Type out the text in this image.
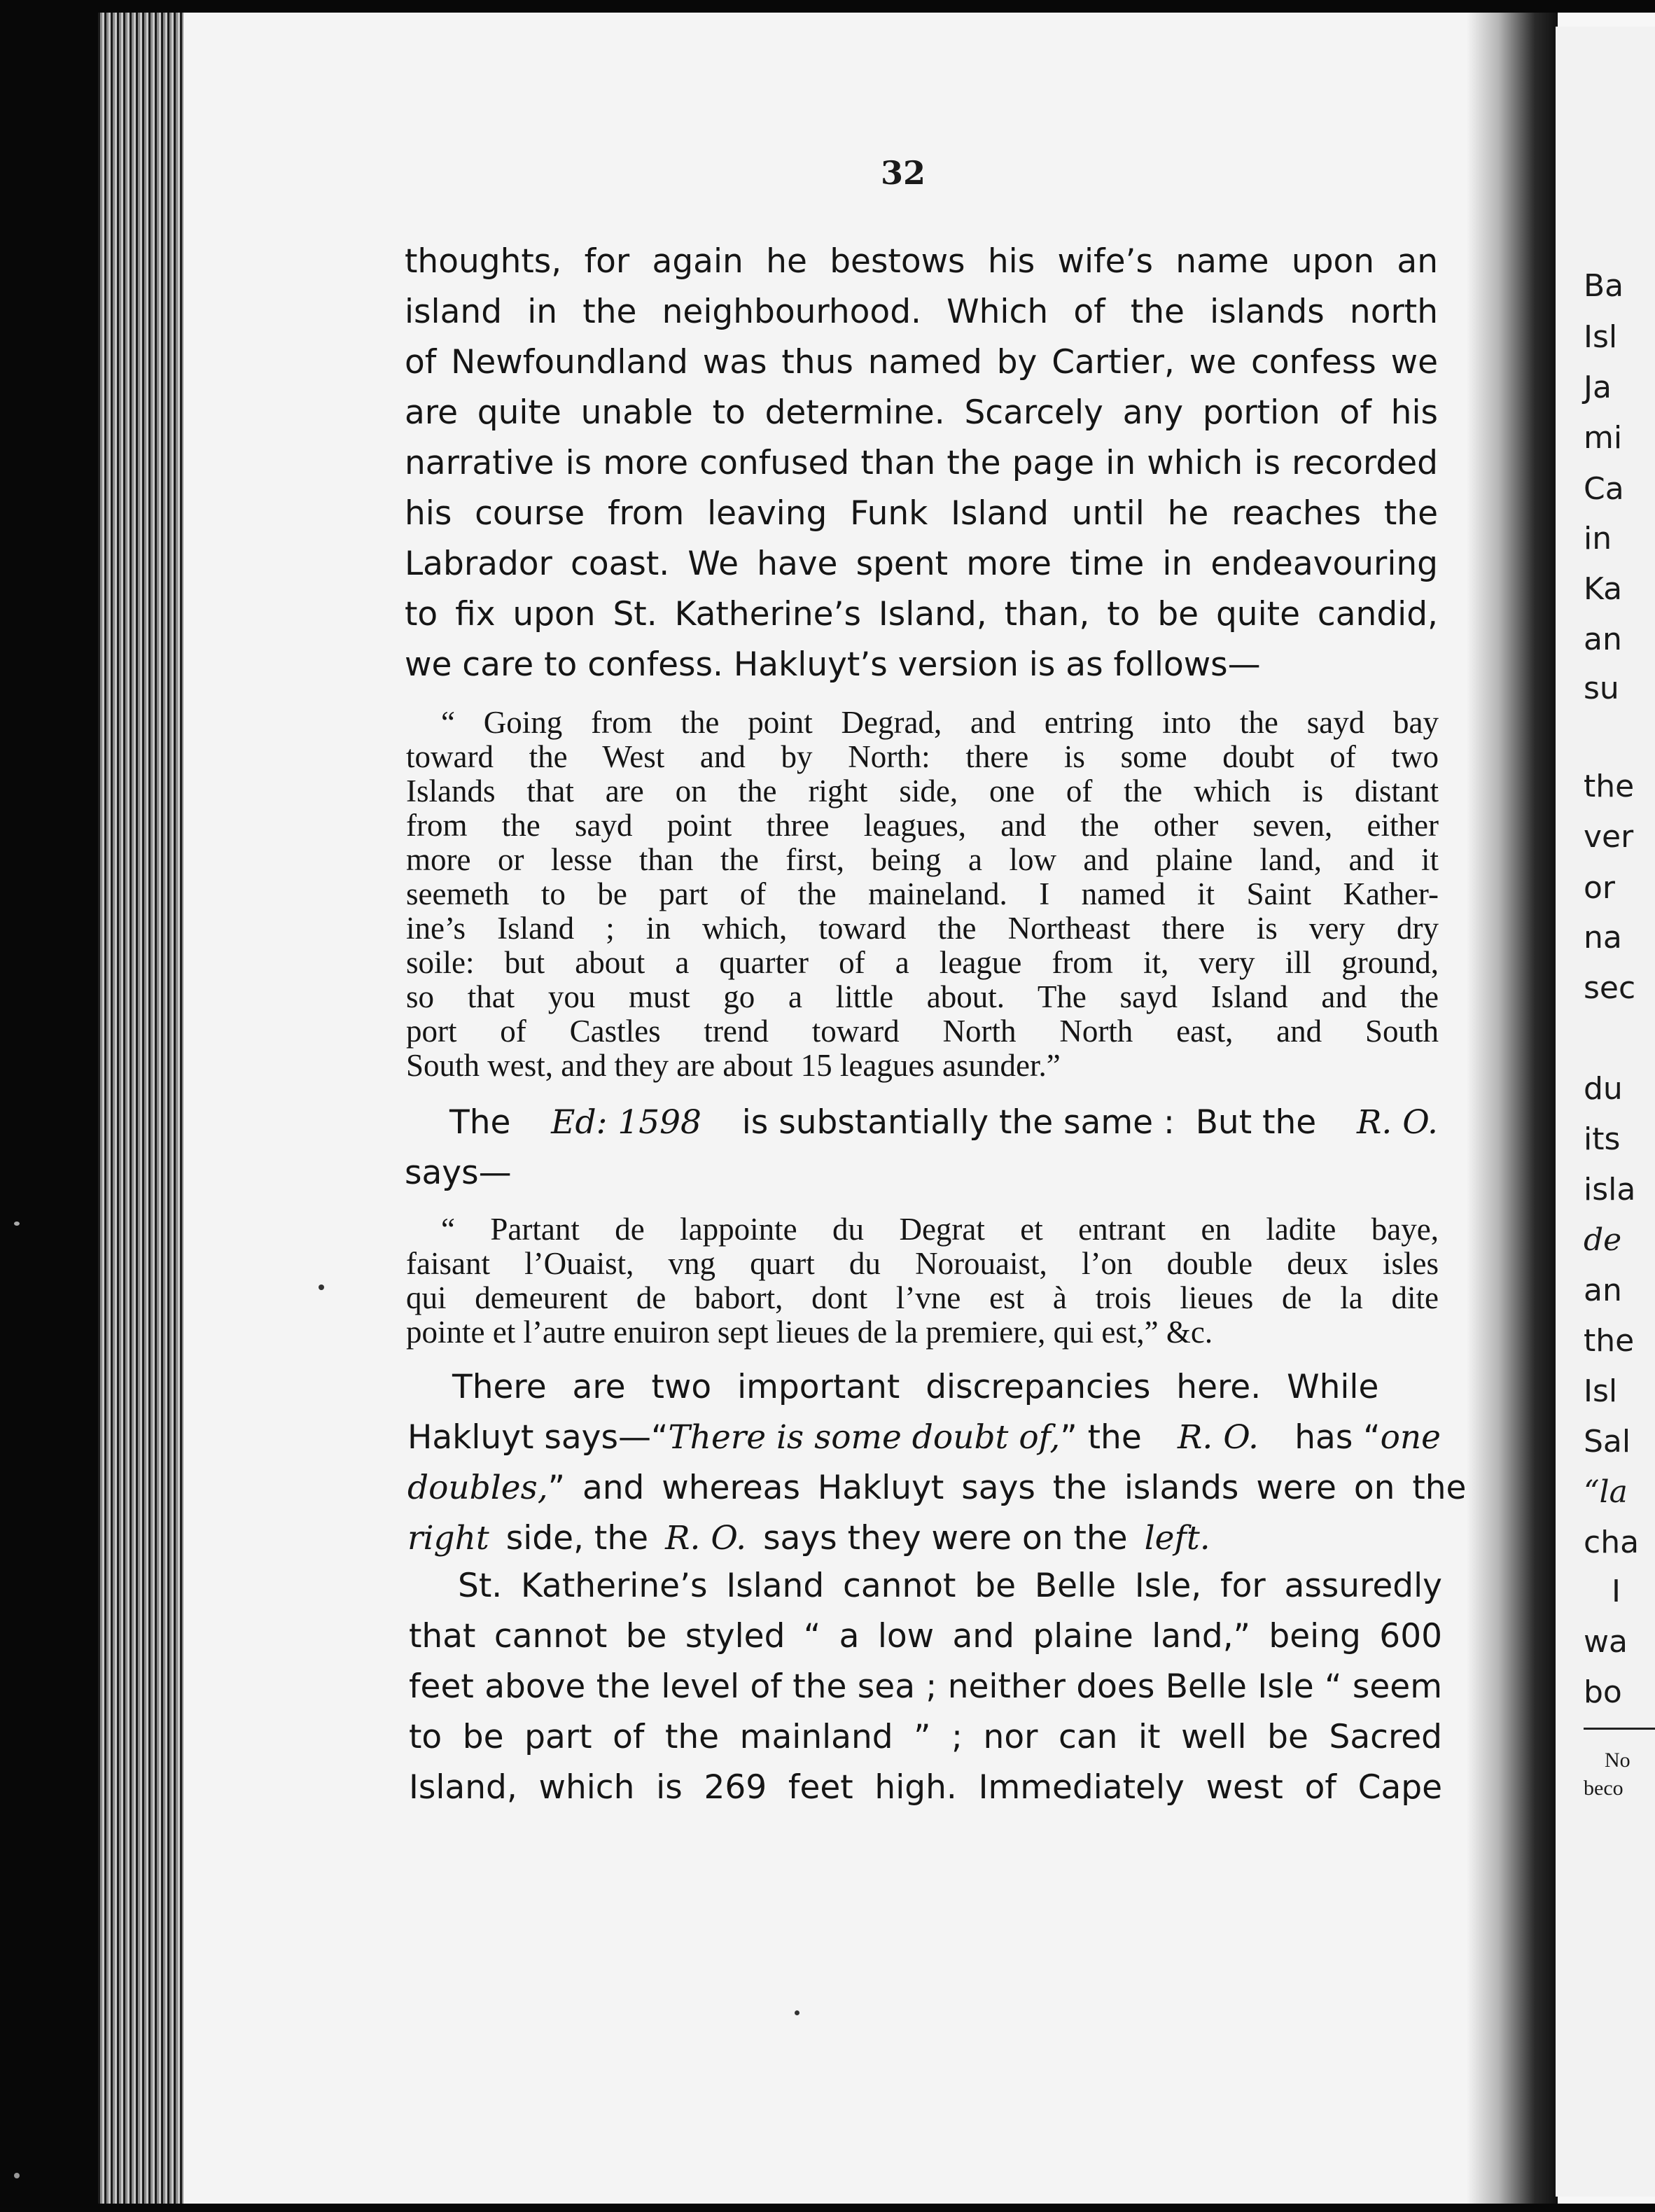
32
thoughts, for again he bestows his wife’s name upon an
island in the neighbourhood. Which of the islands north
of Newfoundland was thus named by Cartier, we confess we
are quite unable to determine. Scarcely any portion of his
narrative is more confused than the page in which is recorded
his course from leaving Funk Island until he reaches the
Labrador coast. We have spent more time in endeavouring
to fix upon St. Katherine’s Island, than, to be quite candid,
we care to confess. Hakluyt’s version is as follows—
“ Going from the point Degrad, and entring into the sayd bay
toward the West and by North: there is some doubt of two
Islands that are on the right side, one of the which is distant
from the sayd point three leagues, and the other seven, either
more or lesse than the first, being a low and plaine land, and it
seemeth to be part of the maineland. I named it Saint Kather-
ine’s Island ; in which, toward the Northeast there is very dry
soile: but about a quarter of a league from it, very ill ground,
so that you must go a little about. The sayd Island and the
port of Castles trend toward North North east, and South
South west, and they are about 15 leagues asunder.”
The Ed: 1598 is substantially the same :  But the R. O.
says—
“ Partant de lappointe du Degrat et entrant en ladite baye,
faisant l’Ouaist, vng quart du Norouaist, l’on double deux isles
qui demeurent de babort, dont l’vne est à trois lieues de la dite
pointe et l’autre enuiron sept lieues de la premiere, qui est,” &c.
There are two important discrepancies here. While
Hakluyt says—“There is some doubt of,” the R. O. has “one
doubles, ” and whereas Hakluyt says the islands were on the
right side, the R. O. says they were on the left.
St. Katherine’s Island cannot be Belle Isle, for assuredly
that cannot be styled “ a low and plaine land,” being 600
feet above the level of the sea ; neither does Belle Isle “ seem
to be part of the mainland ” ; nor can it well be Sacred
Island, which is 269 feet high. Immediately west of Cape
Ba
Isl
Ja
mi
Ca
in
Ka
an
su
the
ver
or
na
sec
du
its
isla
de
an
the
Isl
Sal
“la
cha
I
wa
bo
No
beco
